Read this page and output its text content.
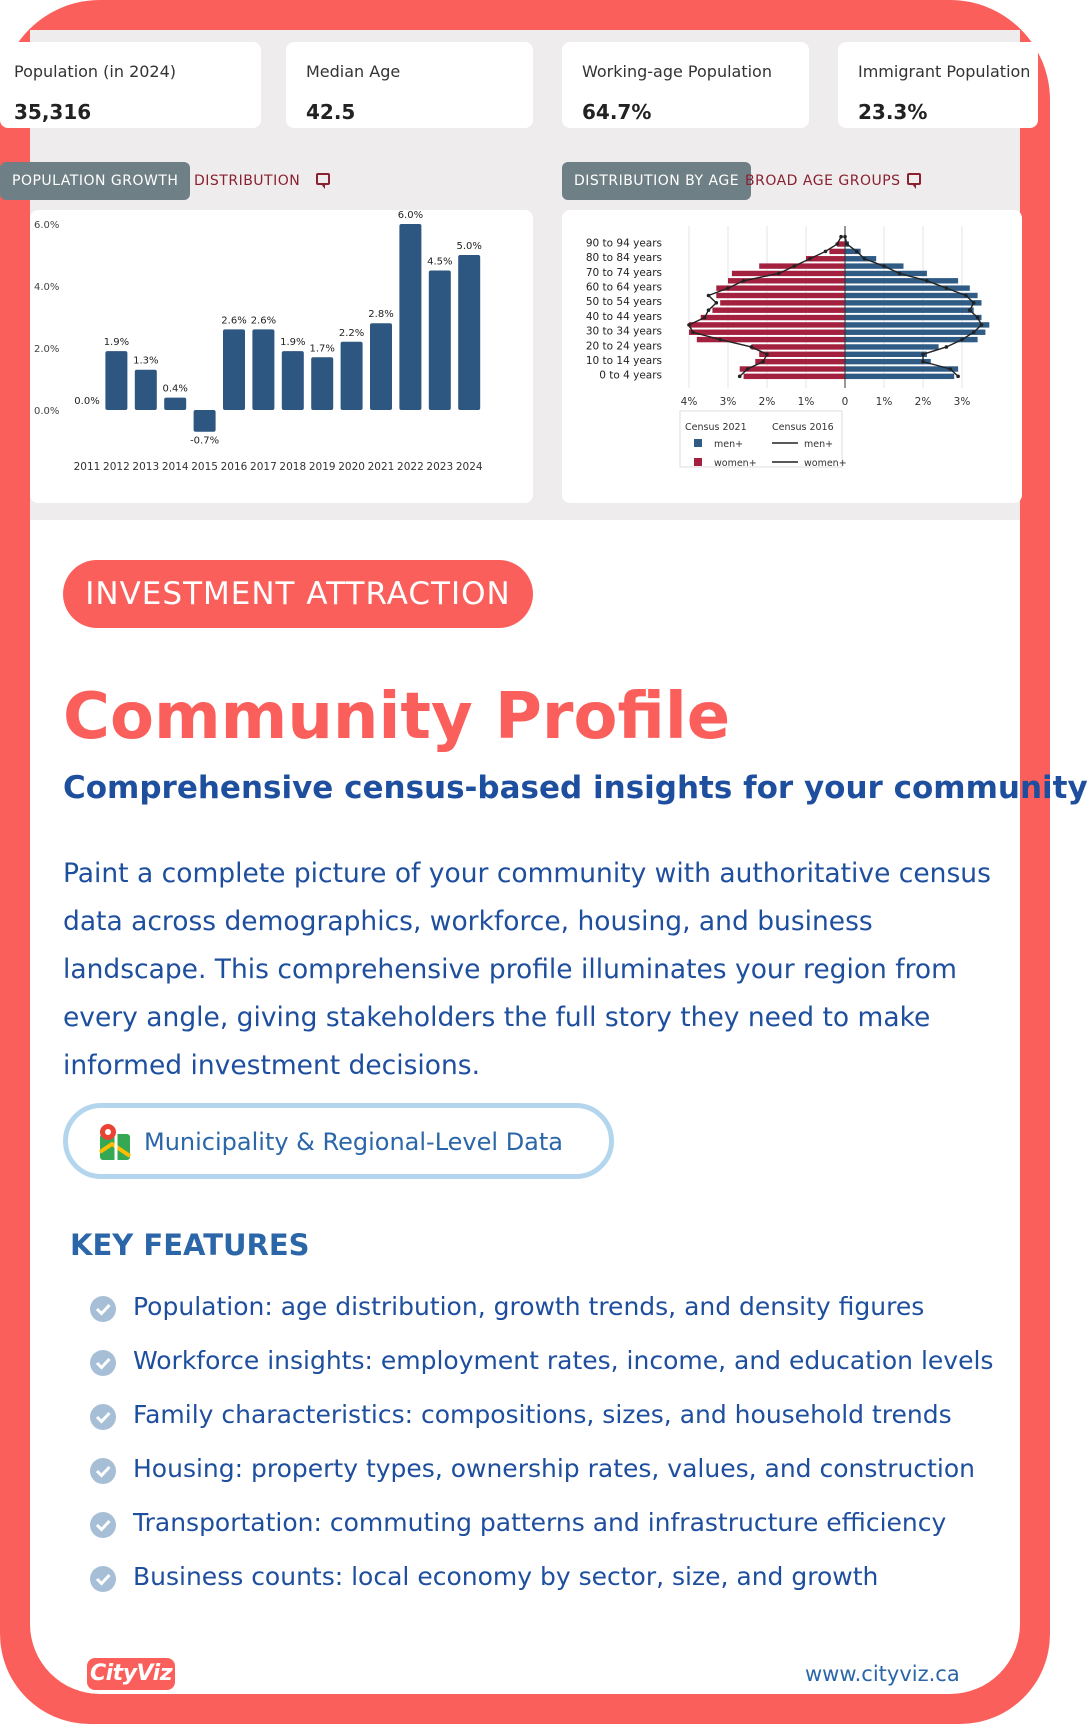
Population (in 2024)
35,316
Median Age
42.5
Working-age Population
64.7%
Immigrant Population
23.3%
POPULATION GROWTH	DISTRIBUTION	DISTRIBUTION BY AGE BROAD AGE GROUPS
0.0%
2.0%
4.0%
6.0%
0.0%
2011
1.9%
2012
1.3%
2013
0.4%
2014
-0.7%
2015
2.6%
2016
2.6%
2017
1.9%
2018
1.7%
2019
2.2%
2020
2.8%
2021
6.0%
2022
4.5%
2023
5.0%
2024
90 to 94 years
80 to 84 years
70 to 74 years
60 to 64 years
50 to 54 years
40 to 44 years
30 to 34 years
20 to 24 years
10 to 14 years
0 to 4 years
4% 3% 2% 1%	0	1% 2% 3%
Census 2021	Census 2016
men+
women+
men+
women+
INVESTMENT ATTRACTION
Community Profile
Comprehensive census-based insights for your community
Paint a complete picture of your community with authoritative census data across demographics, workforce, housing, and business landscape. This comprehensive profile illuminates your region from every angle, giving stakeholders the full story they need to make informed investment decisions.
Municipality & Regional-Level Data
KEY FEATURES
Population: age distribution, growth trends, and density figures
Workforce insights: employment rates, income, and education levels
Family characteristics: compositions, sizes, and household trends
Housing: property types, ownership rates, values, and construction
Transportation: commuting patterns and infrastructure efficiency
Business counts: local economy by sector, size, and growth
CityViz	www.cityviz.ca
